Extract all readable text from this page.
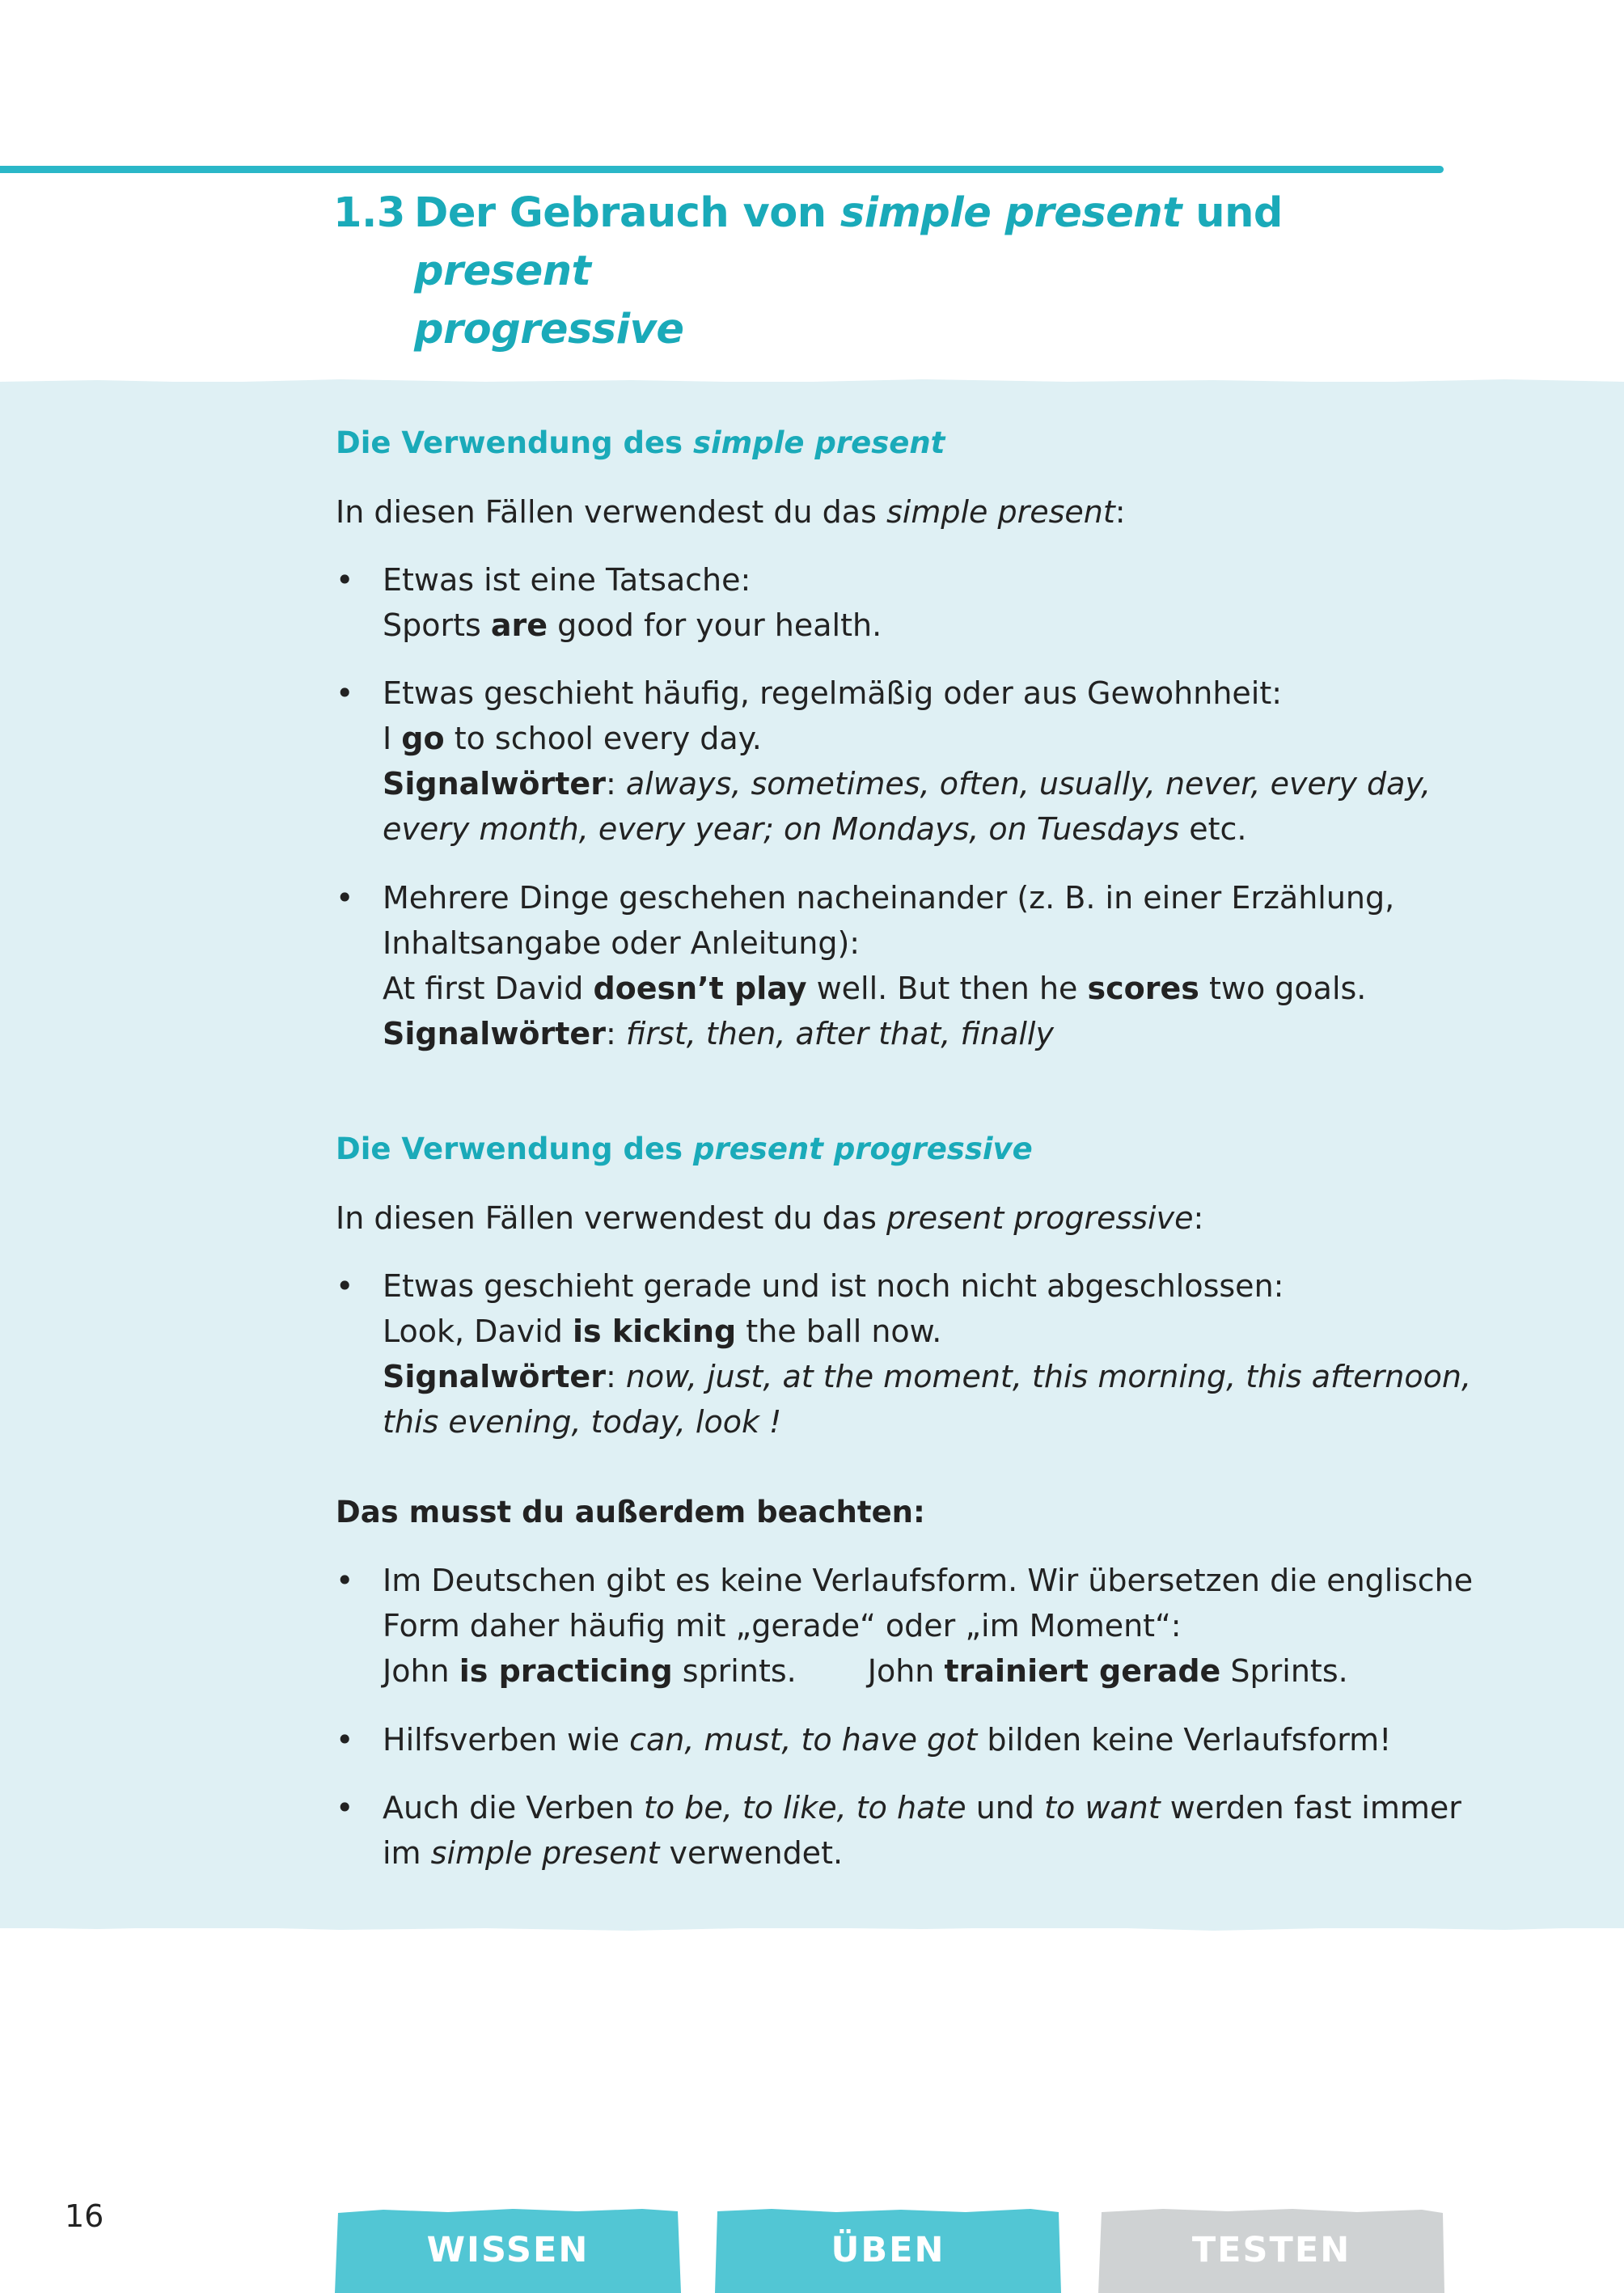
1.3 Der Gebrauch von simple present und present
progressive
Die Verwendung des simple present
In diesen Fällen verwendest du das simple present:
• Etwas ist eine Tatsache:
Sports are good for your health.
• Etwas geschieht häufig, regelmäßig oder aus Gewohnheit:
I go to school every day.
Signalwörter: always, sometimes, often, usually, never, every day,
every month, every year; on Mondays, on Tuesdays etc.
• Mehrere Dinge geschehen nacheinander (z. B. in einer Erzählung,
Inhaltsangabe oder Anleitung):
At first David doesn’t play well. But then he scores two goals.
Signalwörter: first, then, after that, finally
Die Verwendung des present progressive
In diesen Fällen verwendest du das present progressive:
• Etwas geschieht gerade und ist noch nicht abgeschlossen:
Look, David is kicking the ball now.
Signalwörter: now, just, at the moment, this morning, this afternoon,
this evening, today, look !
Das musst du außerdem beachten:
• Im Deutschen gibt es keine Verlaufsform. Wir übersetzen die englische
Form daher häufig mit „gerade“ oder „im Moment“:
John is practicing sprints. John trainiert gerade Sprints.
• Hilfsverben wie can, must, to have got bilden keine Verlaufsform!
• Auch die Verben to be, to like, to hate und to want werden fast immer
im simple present verwendet.
16
WISSEN	ÜBEN	TESTEN
